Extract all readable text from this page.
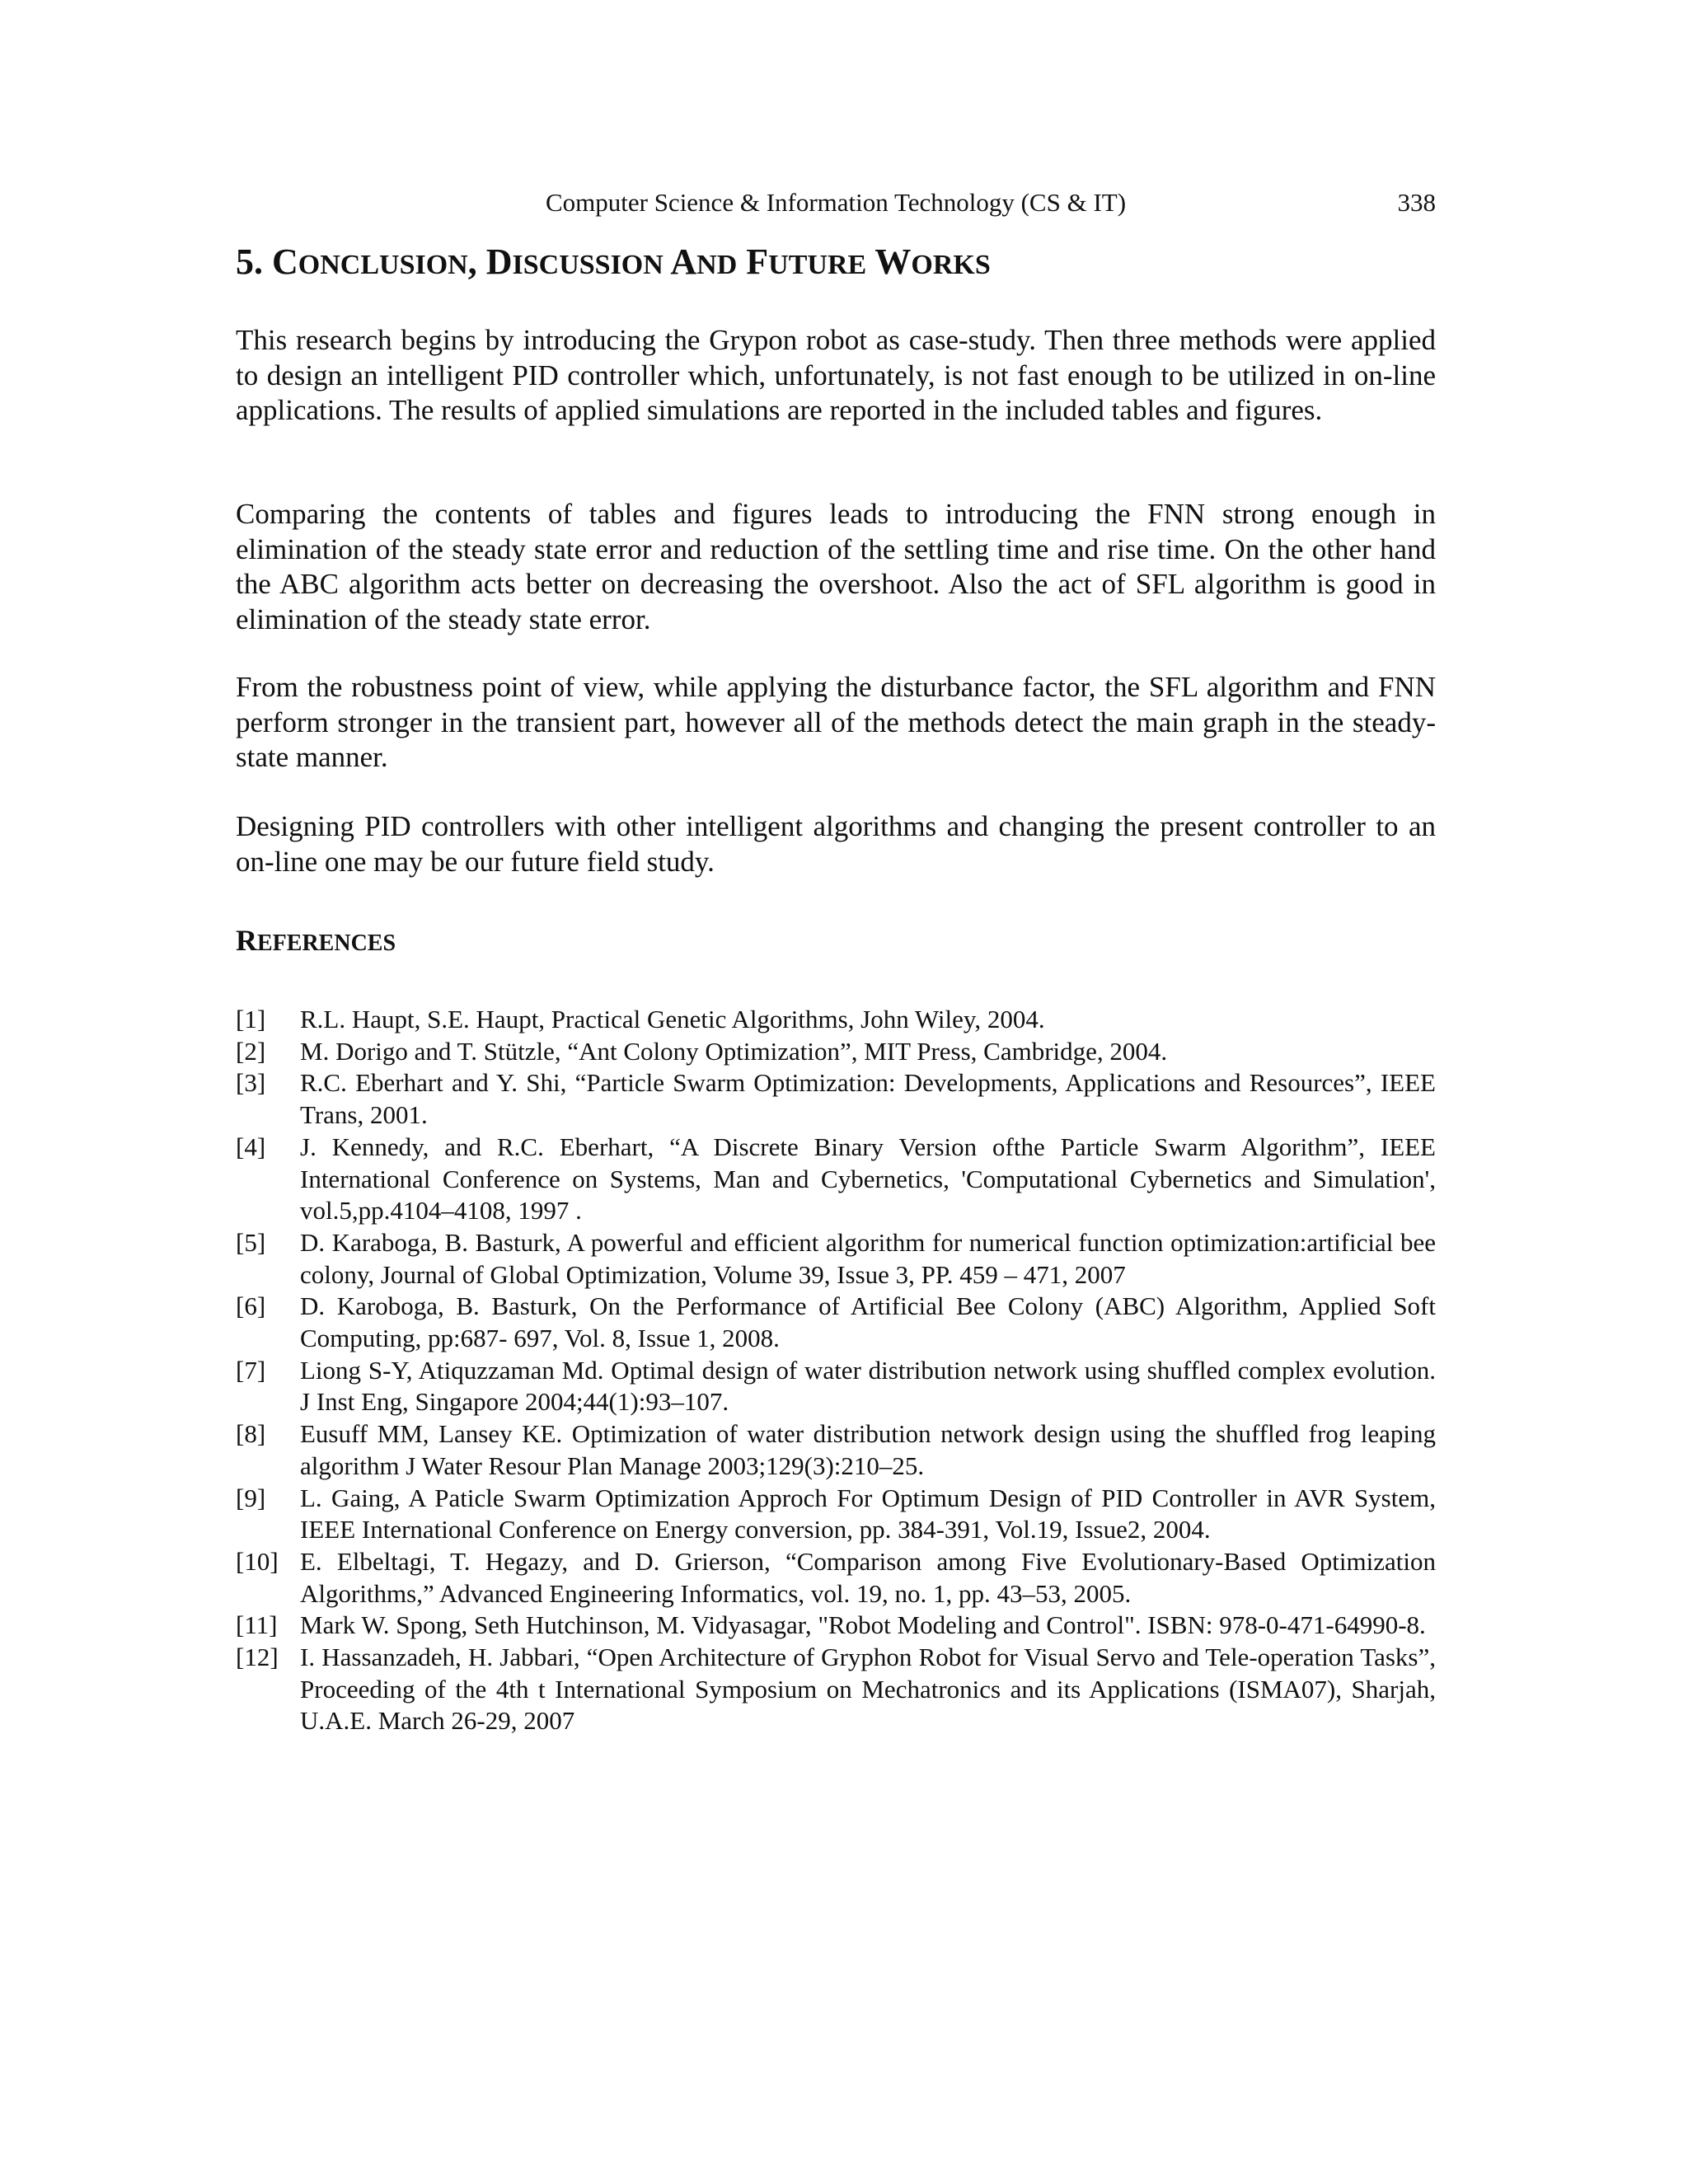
Computer Science & Information Technology (CS & IT)	338
5. CONCLUSION, DISCUSSION AND FUTURE WORKS

This research begins by introducing the Grypon robot as case-study. Then three methods were applied to design an intelligent PID controller which, unfortunately, is not fast enough to be utilized in on-line applications. The results of applied simulations are reported in the included tables and figures.

Comparing the contents of tables and figures leads to introducing the FNN strong enough in elimination of the steady state error and reduction of the settling time and rise time. On the other hand the ABC algorithm acts better on decreasing the overshoot. Also the act of SFL algorithm is good in elimination of the steady state error.

From the robustness point of view, while applying the disturbance factor, the SFL algorithm and FNN perform stronger in the transient part, however all of the methods detect the main graph in the steady-state manner.

Designing PID controllers with other intelligent algorithms and changing the present controller to an on-line one may be our future field study.

REFERENCES
[1] R.L. Haupt, S.E. Haupt, Practical Genetic Algorithms, John Wiley, 2004.
[2] M. Dorigo and T. Stützle, “Ant Colony Optimization”, MIT Press, Cambridge, 2004.
[3] R.C. Eberhart and Y. Shi, “Particle Swarm Optimization: Developments, Applications and Resources”, IEEE Trans, 2001.
[4] J. Kennedy, and R.C. Eberhart, “A Discrete Binary Version ofthe Particle Swarm Algorithm”, IEEE International Conference on Systems, Man and Cybernetics, 'Computational Cybernetics and Simulation', vol.5,pp.4104–4108, 1997 .
[5] D. Karaboga, B. Basturk, A powerful and efficient algorithm for numerical function optimization:artificial bee colony, Journal of Global Optimization, Volume 39, Issue 3, PP. 459 – 471, 2007
[6] D. Karoboga, B. Basturk, On the Performance of Artificial Bee Colony (ABC) Algorithm, Applied Soft Computing, pp:687- 697, Vol. 8, Issue 1, 2008.
[7] Liong S-Y, Atiquzzaman Md. Optimal design of water distribution network using shuffled complex evolution. J Inst Eng, Singapore 2004;44(1):93–107.
[8] Eusuff MM, Lansey KE. Optimization of water distribution network design using the shuffled frog leaping algorithm J Water Resour Plan Manage 2003;129(3):210–25.
[9] L. Gaing, A Paticle Swarm Optimization Approch For Optimum Design of PID Controller in AVR System, IEEE International Conference on Energy conversion, pp. 384-391, Vol.19, Issue2, 2004.
[10] E. Elbeltagi, T. Hegazy, and D. Grierson, “Comparison among Five Evolutionary-Based Optimization Algorithms,” Advanced Engineering Informatics, vol. 19, no. 1, pp. 43–53, 2005.
[11] Mark W. Spong, Seth Hutchinson, M. Vidyasagar, "Robot Modeling and Control". ISBN: 978-0-471-64990-8.
[12] I. Hassanzadeh, H. Jabbari, “Open Architecture of Gryphon Robot for Visual Servo and Tele-operation Tasks”, Proceeding of the 4th t International Symposium on Mechatronics and its Applications (ISMA07), Sharjah, U.A.E. March 26-29, 2007
